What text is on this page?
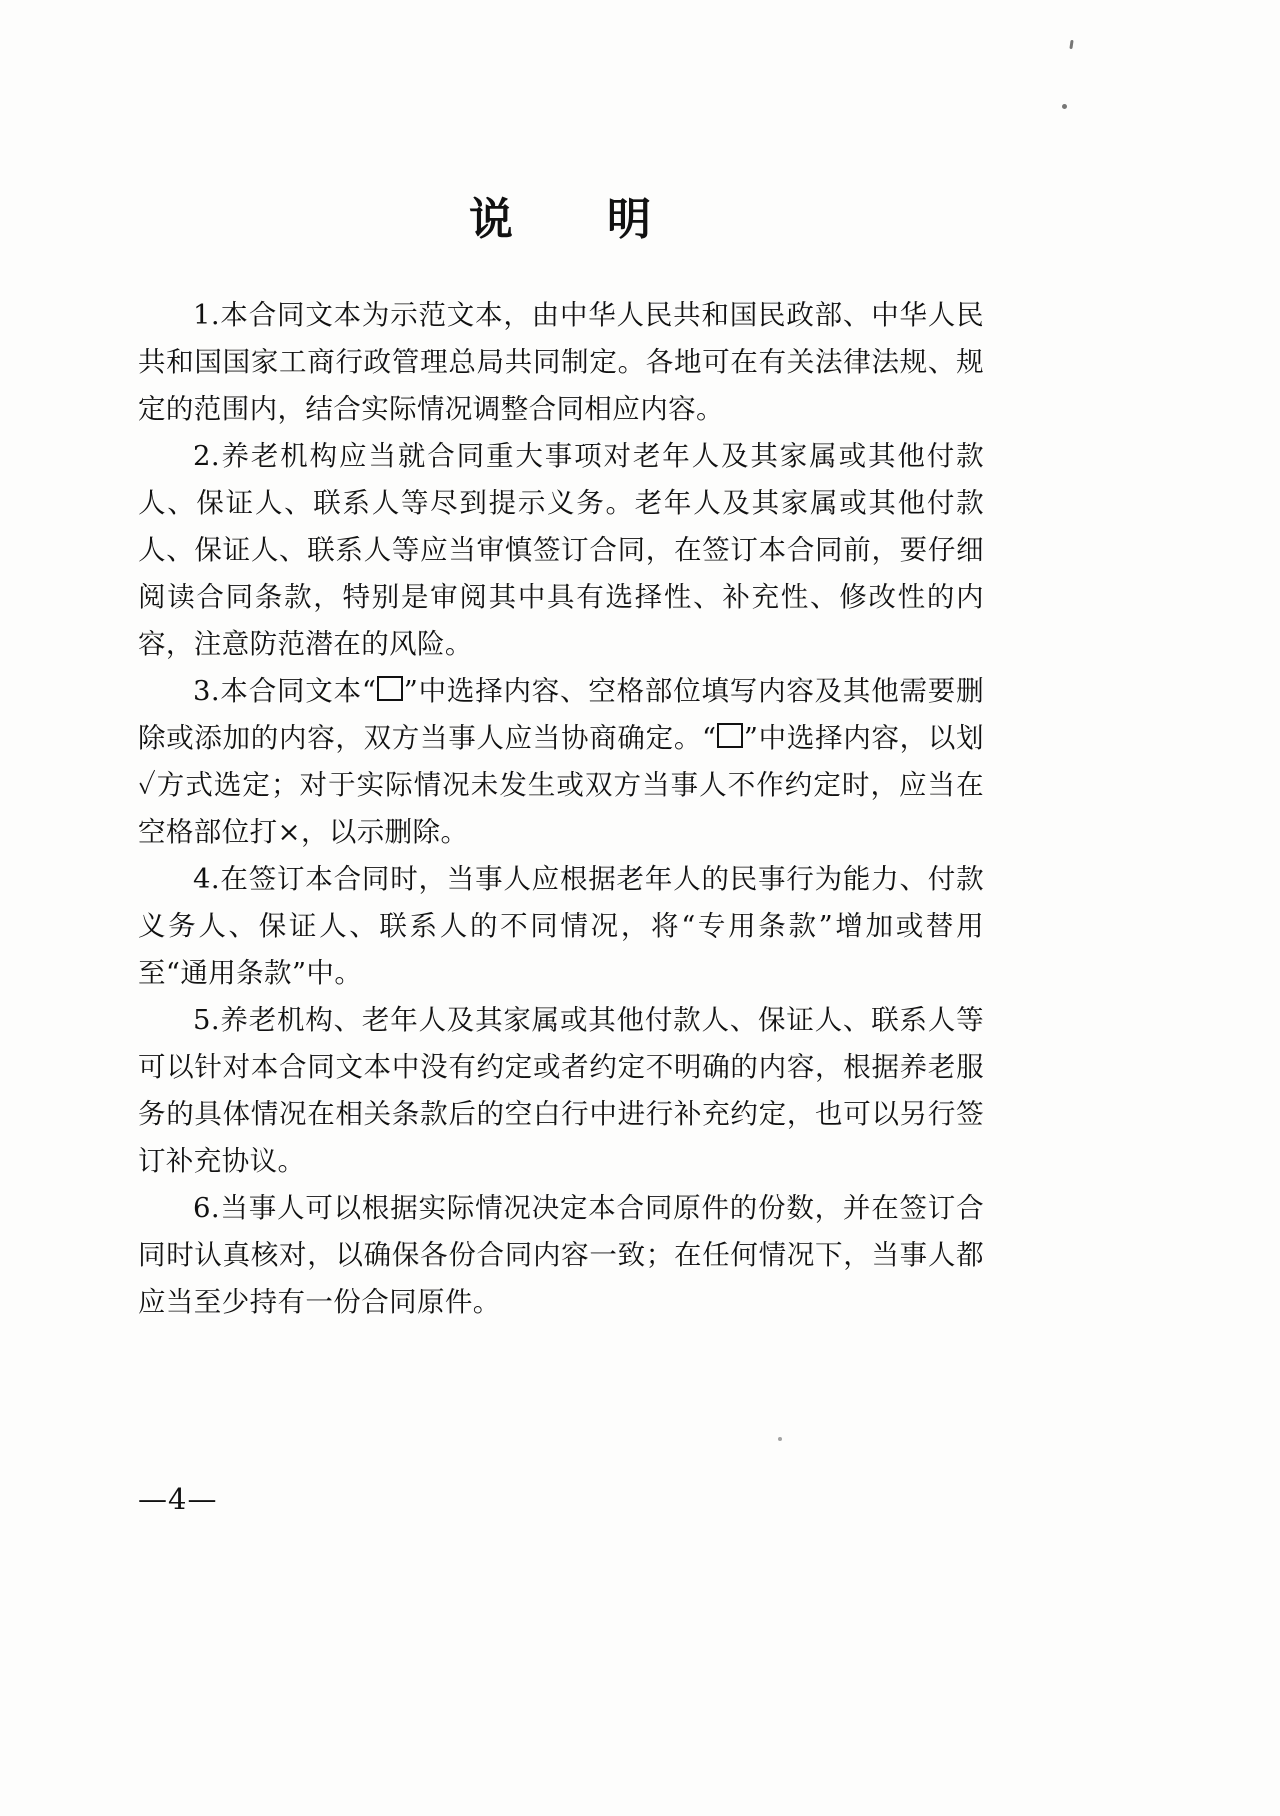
说　　明

1.本合同文本为示范文本，由中华人民共和国民政部、中华人民共和国国家工商行政管理总局共同制定。各地可在有关法律法规、规定的范围内，结合实际情况调整合同相应内容。

2.养老机构应当就合同重大事项对老年人及其家属或其他付款人、保证人、联系人等尽到提示义务。老年人及其家属或其他付款人、保证人、联系人等应当审慎签订合同，在签订本合同前，要仔细阅读合同条款，特别是审阅其中具有选择性、补充性、修改性的内容，注意防范潜在的风险。

3.本合同文本“ ”中选择内容、空格部位填写内容及其他需要删除或添加的内容，双方当事人应当协商确定。“ ”中选择内容，以划✓方式选定；对于实际情况未发生或双方当事人不作约定时，应当在空格部位打×，以示删除。

4.在签订本合同时，当事人应根据老年人的民事行为能力、付款义务人、保证人、联系人的不同情况，将“专用条款”增加或替用至“通用条款”中。

5.养老机构、老年人及其家属或其他付款人、保证人、联系人等可以针对本合同文本中没有约定或者约定不明确的内容，根据养老服务的具体情况在相关条款后的空白行中进行补充约定，也可以另行签订补充协议。

6.当事人可以根据实际情况决定本合同原件的份数，并在签订合同时认真核对，以确保各份合同内容一致；在任何情况下，当事人都应当至少持有一份合同原件。

—4—
